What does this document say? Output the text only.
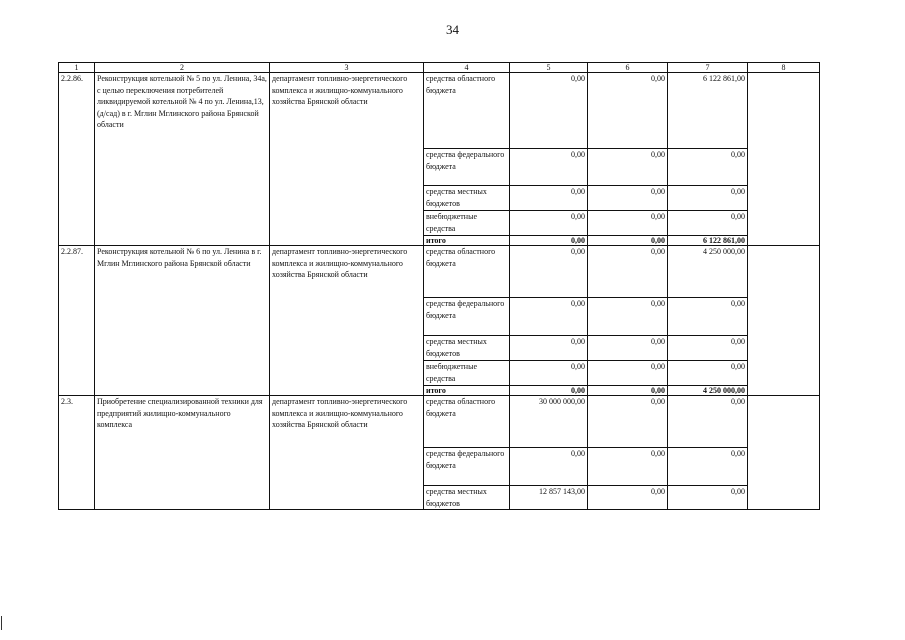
34
1	2	3	4	5	6	7	8
2.2.86.	Реконструкция котельной № 5 по ул. Ленина, 34а, с целью переключения потребителей ликвидируемой котельной № 4 по ул. Ленина,13, (д/сад) в г. Мглин Мглинского района Брянской области	департамент топливно-энергетического комплекса и жилищно-коммунального хозяйства Брянской области	средства областного бюджета	0,00	0,00	6 122 861,00	
			средства федерального бюджета	0,00	0,00	0,00	
			средства местных бюджетов	0,00	0,00	0,00	
			внебюджетные средства	0,00	0,00	0,00	
			итого	0,00	0,00	6 122 861,00	
2.2.87.	Реконструкция котельной № 6 по ул. Ленина в г. Мглин Мглинского района Брянской области	департамент топливно-энергетического комплекса и жилищно-коммунального хозяйства Брянской области	средства областного бюджета	0,00	0,00	4 250 000,00	
			средства федерального бюджета	0,00	0,00	0,00	
			средства местных бюджетов	0,00	0,00	0,00	
			внебюджетные средства	0,00	0,00	0,00	
			итого	0,00	0,00	4 250 000,00	
2.3.	Приобретение специализированной техники для предприятий жилищно-коммунального комплекса	департамент топливно-энергетического комплекса и жилищно-коммунального хозяйства Брянской области	средства областного бюджета	30 000 000,00	0,00	0,00	
			средства федерального бюджета	0,00	0,00	0,00	
			средства местных бюджетов	12 857 143,00	0,00	0,00	
